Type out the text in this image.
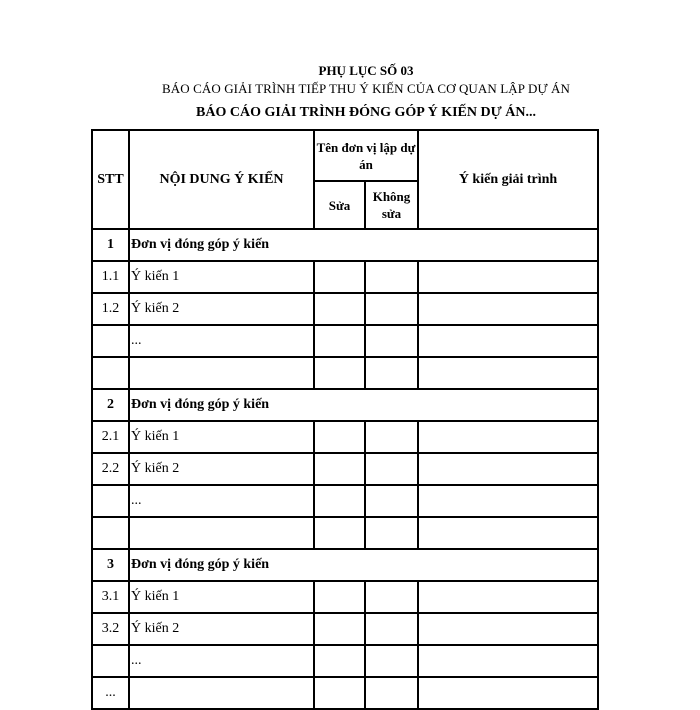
PHỤ LỤC SỐ 03
BÁO CÁO GIẢI TRÌNH TIẾP THU Ý KIẾN CỦA CƠ QUAN LẬP DỰ ÁN
BÁO CÁO GIẢI TRÌNH ĐÓNG GÓP Ý KIẾN DỰ ÁN...
STT	NỘI DUNG Ý KIẾN	Tên đơn vị lập dự án		Ý kiến giải trình
		Sửa	Không sửa	
1	Đơn vị đóng góp ý kiến			
1.1	Ý kiến 1			
1.2	Ý kiến 2			
	...			

2	Đơn vị đóng góp ý kiến			
2.1	Ý kiến 1			
2.2	Ý kiến 2			
	...			

3	Đơn vị đóng góp ý kiến			
3.1	Ý kiến 1			
3.2	Ý kiến 2			
	...			
...				
